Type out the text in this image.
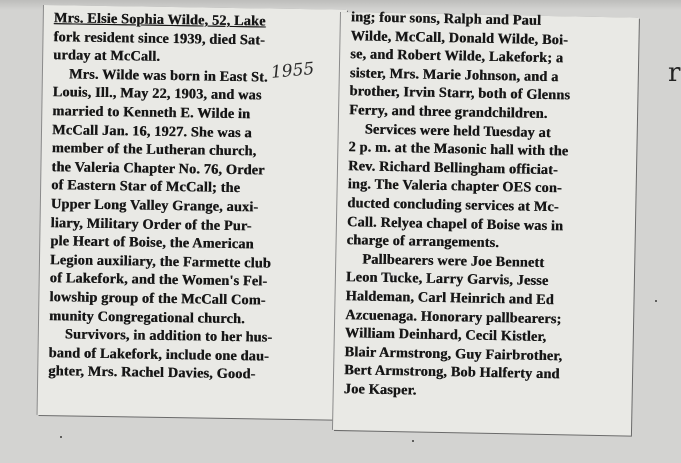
Mrs. Elsie Sophia Wilde, 52, Lake
fork resident since 1939, died Sat-
urday at McCall.
Mrs. Wilde was born in East St.
Louis, Ill., May 22, 1903, and was
married to Kenneth E. Wilde in
McCall Jan. 16, 1927. She was a
member of the Lutheran church,
the Valeria Chapter No. 76, Order
of Eastern Star of McCall; the
Upper Long Valley Grange, auxi-
liary, Military Order of the Pur-
ple Heart of Boise, the American
Legion auxiliary, the Farmette club
of Lakefork, and the Women's Fel-
lowship group of the McCall Com-
munity Congregational church.
Survivors, in addition to her hus-
band of Lakefork, include one dau-
ghter, Mrs. Rachel Davies, Good-
1955
ing; four sons, Ralph and Paul
Wilde, McCall, Donald Wilde, Boi-
se, and Robert Wilde, Lakefork; a
sister, Mrs. Marie Johnson, and a
brother, Irvin Starr, both of Glenns
Ferry, and three grandchildren.
Services were held Tuesday at
2 p. m. at the Masonic hall with the
Rev. Richard Bellingham officiat-
ing. The Valeria chapter OES con-
ducted concluding services at Mc-
Call. Relyea chapel of Boise was in
charge of arrangements.
Pallbearers were Joe Bennett
Leon Tucke, Larry Garvis, Jesse
Haldeman, Carl Heinrich and Ed
Azcuenaga. Honorary pallbearers;
William Deinhard, Cecil Kistler,
Blair Armstrong, Guy Fairbrother,
Bert Armstrong, Bob Halferty and
Joe Kasper.
r
